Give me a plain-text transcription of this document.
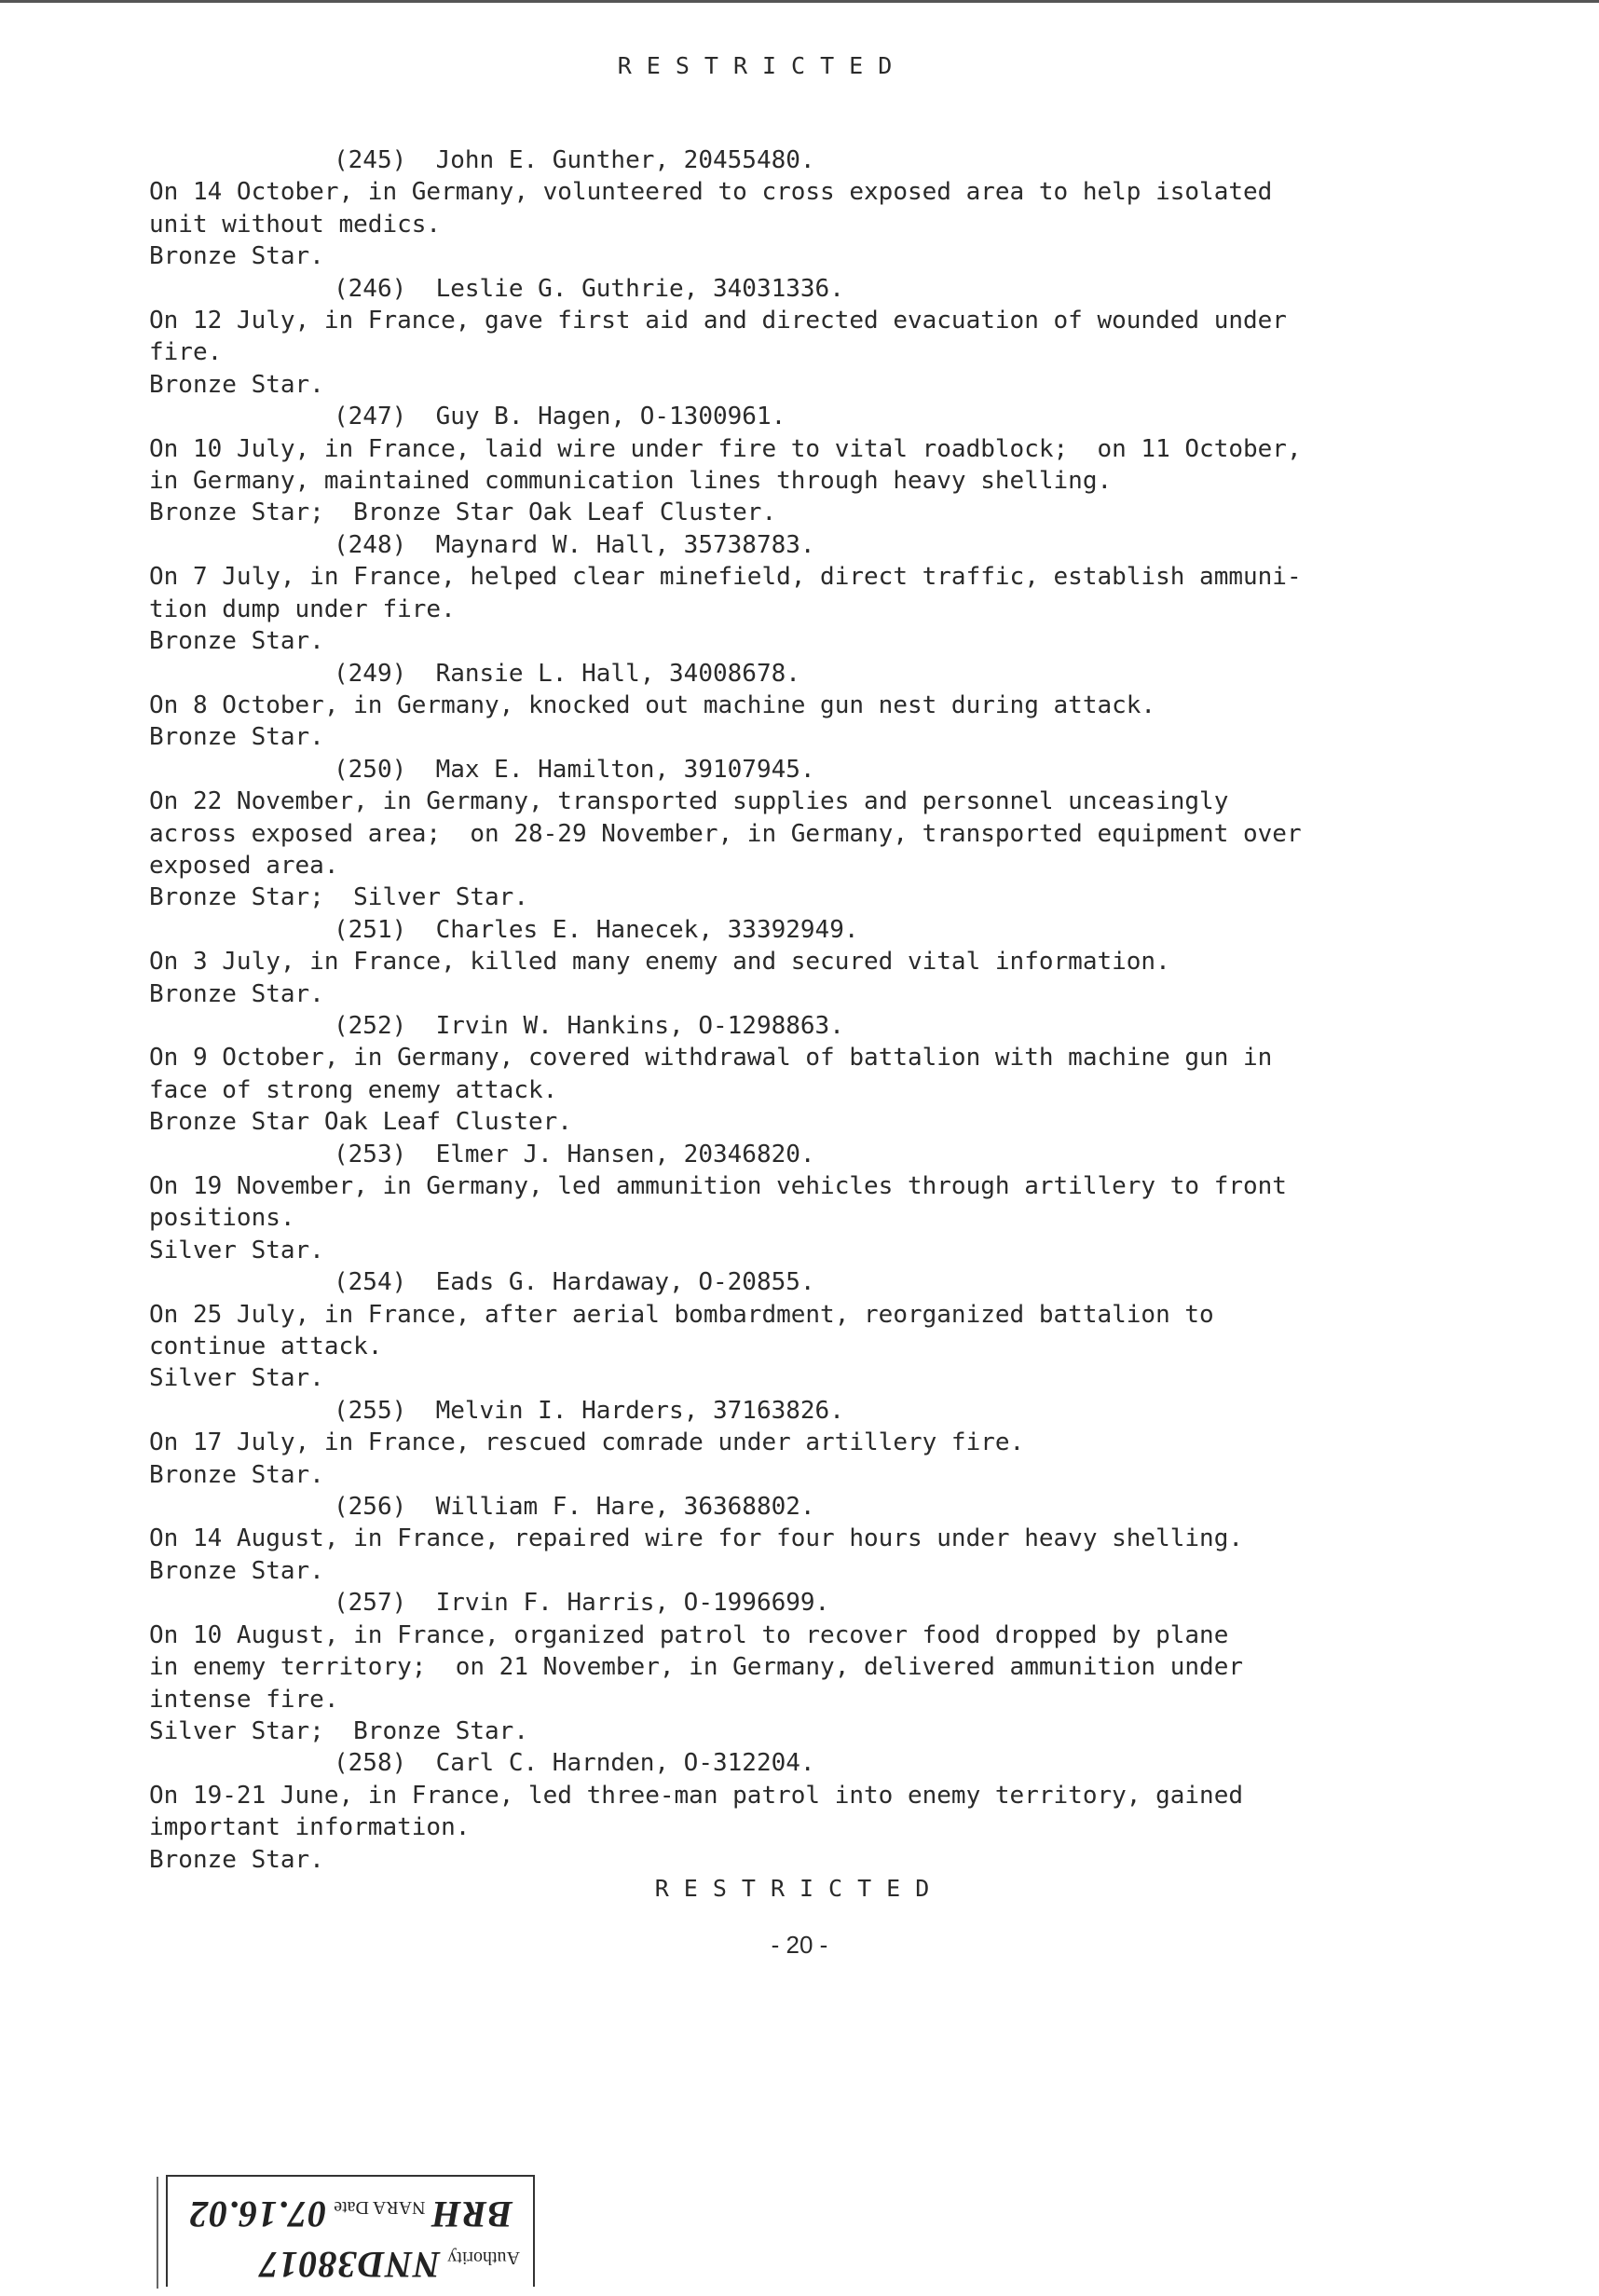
RESTRICTED
(245)  John E. Gunther, 20455480.
On 14 October, in Germany, volunteered to cross exposed area to help isolated
unit without medics.
Bronze Star.
(246)  Leslie G. Guthrie, 34031336.
On 12 July, in France, gave first aid and directed evacuation of wounded under
fire.
Bronze Star.
(247)  Guy B. Hagen, O-1300961.
On 10 July, in France, laid wire under fire to vital roadblock;  on 11 October,
in Germany, maintained communication lines through heavy shelling.
Bronze Star;  Bronze Star Oak Leaf Cluster.
(248)  Maynard W. Hall, 35738783.
On 7 July, in France, helped clear minefield, direct traffic, establish ammuni-
tion dump under fire.
Bronze Star.
(249)  Ransie L. Hall, 34008678.
On 8 October, in Germany, knocked out machine gun nest during attack.
Bronze Star.
(250)  Max E. Hamilton, 39107945.
On 22 November, in Germany, transported supplies and personnel unceasingly
across exposed area;  on 28-29 November, in Germany, transported equipment over
exposed area.
Bronze Star;  Silver Star.
(251)  Charles E. Hanecek, 33392949.
On 3 July, in France, killed many enemy and secured vital information.
Bronze Star.
(252)  Irvin W. Hankins, O-1298863.
On 9 October, in Germany, covered withdrawal of battalion with machine gun in
face of strong enemy attack.
Bronze Star Oak Leaf Cluster.
(253)  Elmer J. Hansen, 20346820.
On 19 November, in Germany, led ammunition vehicles through artillery to front
positions.
Silver Star.
(254)  Eads G. Hardaway, O-20855.
On 25 July, in France, after aerial bombardment, reorganized battalion to
continue attack.
Silver Star.
(255)  Melvin I. Harders, 37163826.
On 17 July, in France, rescued comrade under artillery fire.
Bronze Star.
(256)  William F. Hare, 36368802.
On 14 August, in France, repaired wire for four hours under heavy shelling.
Bronze Star.
(257)  Irvin F. Harris, O-1996699.
On 10 August, in France, organized patrol to recover food dropped by plane
in enemy territory;  on 21 November, in Germany, delivered ammunition under
intense fire.
Silver Star;  Bronze Star.
(258)  Carl C. Harnden, O-312204.
On 19-21 June, in France, led three-man patrol into enemy territory, gained
important information.
Bronze Star.
RESTRICTED
- 20 -
Authority
NND38017
BRH
NARA Date
07.16.02
